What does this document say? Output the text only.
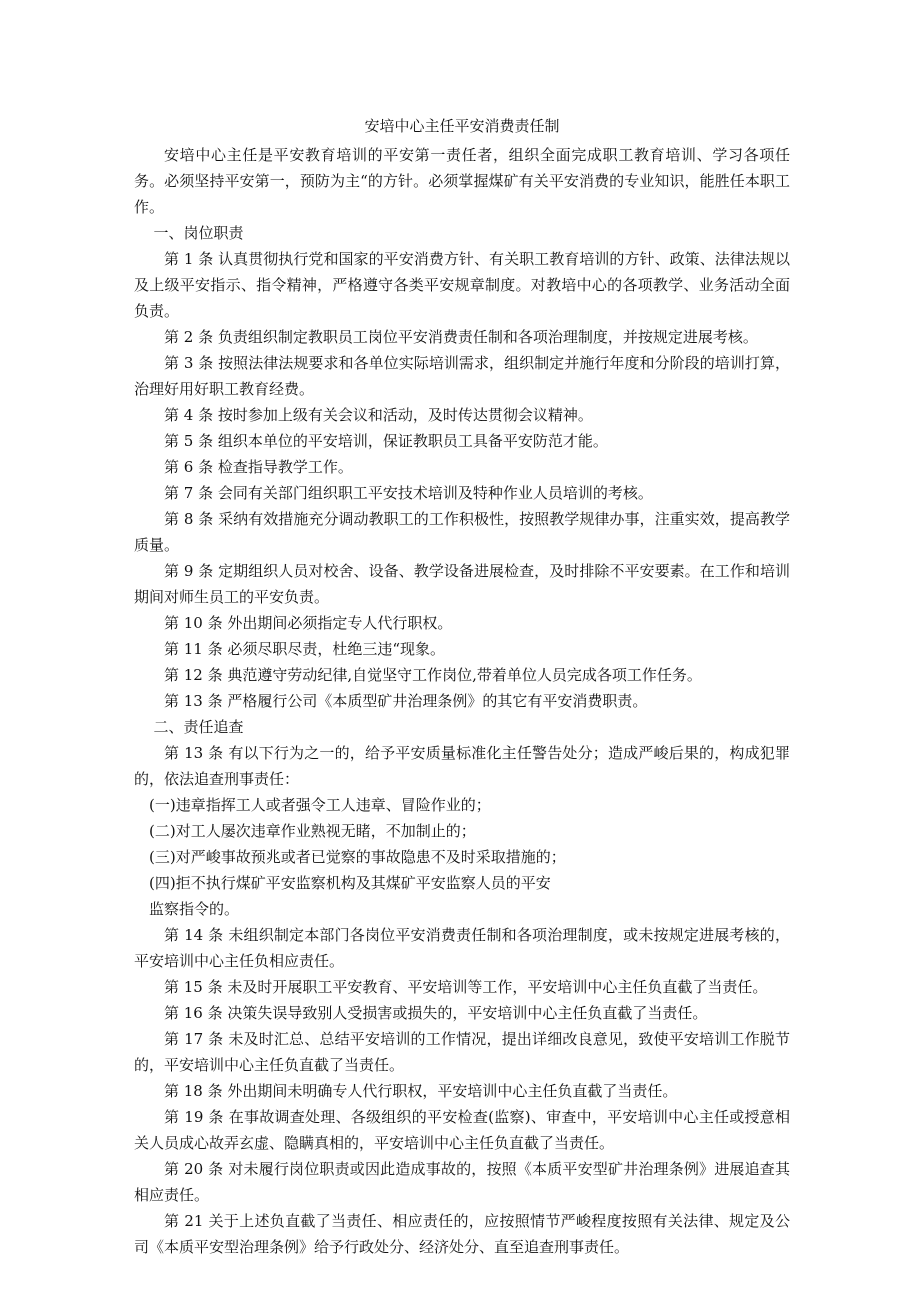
安培中心主任平安消费责任制

安培中心主任是平安教育培训的平安第一责任者，组织全面完成职工教育培训、学习各项任务。必须坚持平安第一，预防为主“的方针。必须掌握煤矿有关平安消费的专业知识，能胜任本职工作。

一、岗位职责

第 1 条 认真贯彻执行党和国家的平安消费方针、有关职工教育培训的方针、政策、法律法规以及上级平安指示、指令精神，严格遵守各类平安规章制度。对教培中心的各项教学、业务活动全面负责。

第 2 条 负责组织制定教职员工岗位平安消费责任制和各项治理制度，并按规定进展考核。

第 3 条 按照法律法规要求和各单位实际培训需求，组织制定并施行年度和分阶段的培训打算，治理好用好职工教育经费。

第 4 条 按时参加上级有关会议和活动，及时传达贯彻会议精神。

第 5 条 组织本单位的平安培训，保证教职员工具备平安防范才能。

第 6 条 检查指导教学工作。

第 7 条 会同有关部门组织职工平安技术培训及特种作业人员培训的考核。

第 8 条 采纳有效措施充分调动教职工的工作积极性，按照教学规律办事，注重实效，提高教学质量。

第 9 条 定期组织人员对校舍、设备、教学设备进展检查，及时排除不平安要素。在工作和培训期间对师生员工的平安负责。

第 10 条 外出期间必须指定专人代行职权。

第 11 条 必须尽职尽责，杜绝三违“现象。

第 12 条 典范遵守劳动纪律,自觉坚守工作岗位,带着单位人员完成各项工作任务。

第 13 条 严格履行公司《本质型矿井治理条例》的其它有平安消费职责。

二、责任追查

第 13 条 有以下行为之一的，给予平安质量标准化主任警告处分；造成严峻后果的，构成犯罪的，依法追查刑事责任：

(一)违章指挥工人或者强令工人违章、冒险作业的；

(二)对工人屡次违章作业熟视无睹，不加制止的；

(三)对严峻事故预兆或者已觉察的事故隐患不及时采取措施的；

(四)拒不执行煤矿平安监察机构及其煤矿平安监察人员的平安

监察指令的。

第 14 条 未组织制定本部门各岗位平安消费责任制和各项治理制度，或未按规定进展考核的，平安培训中心主任负相应责任。

第 15 条 未及时开展职工平安教育、平安培训等工作，平安培训中心主任负直截了当责任。

第 16 条 决策失误导致别人受损害或损失的，平安培训中心主任负直截了当责任。

第 17 条 未及时汇总、总结平安培训的工作情况，提出详细改良意见，致使平安培训工作脱节的，平安培训中心主任负直截了当责任。

第 18 条 外出期间未明确专人代行职权，平安培训中心主任负直截了当责任。

第 19 条 在事故调查处理、各级组织的平安检查(监察)、审查中，平安培训中心主任或授意相关人员成心故弄玄虚、隐瞒真相的，平安培训中心主任负直截了当责任。

第 20 条 对未履行岗位职责或因此造成事故的，按照《本质平安型矿井治理条例》进展追查其相应责任。

第 21 关于上述负直截了当责任、相应责任的，应按照情节严峻程度按照有关法律、规定及公司《本质平安型治理条例》给予行政处分、经济处分、直至追查刑事责任。
